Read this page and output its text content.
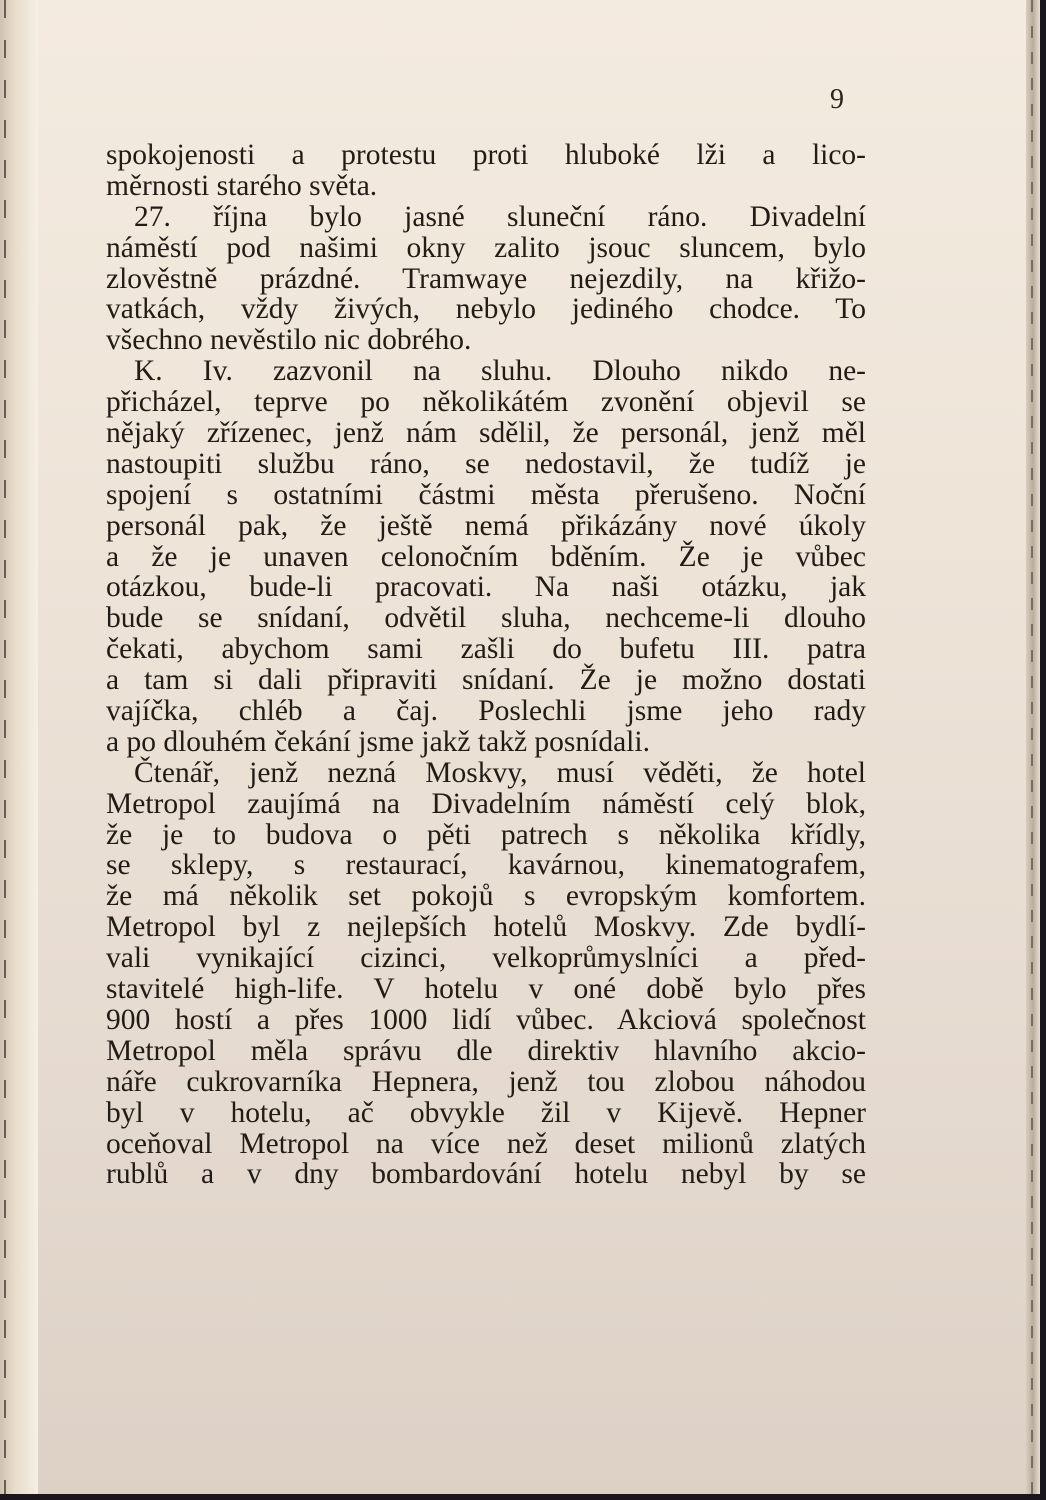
9
spokojenosti a protestu proti hluboké lži a lico-
měrnosti starého světa.
27. října bylo jasné sluneční ráno. Divadelní
náměstí pod našimi okny zalito jsouc sluncem, bylo
zlověstně prázdné. Tramwaye nejezdily, na křižo-
vatkách, vždy živých, nebylo jediného chodce. To
všechno nevěstilo nic dobrého.
K. Iv. zazvonil na sluhu. Dlouho nikdo ne-
přicházel, teprve po několikátém zvonění objevil se
nějaký zřízenec, jenž nám sdělil, že personál, jenž měl
nastoupiti službu ráno, se nedostavil, že tudíž je
spojení s ostatními částmi města přerušeno. Noční
personál pak, že ještě nemá přikázány nové úkoly
a že je unaven celonočním bděním. Že je vůbec
otázkou, bude-li pracovati. Na naši otázku, jak
bude se snídaní, odvětil sluha, nechceme-li dlouho
čekati, abychom sami zašli do bufetu III. patra
a tam si dali připraviti snídaní. Že je možno dostati
vajíčka, chléb a čaj. Poslechli jsme jeho rady
a po dlouhém čekání jsme jakž takž posnídali.
Čtenář, jenž nezná Moskvy, musí věděti, že hotel
Metropol zaujímá na Divadelním náměstí celý blok,
že je to budova o pěti patrech s několika křídly,
se sklepy, s restaurací, kavárnou, kinematografem,
že má několik set pokojů s evropským komfortem.
Metropol byl z nejlepších hotelů Moskvy. Zde bydlí-
vali vynikající cizinci, velkoprůmyslníci a před-
stavitelé high-life. V hotelu v oné době bylo přes
900 hostí a přes 1000 lidí vůbec. Akciová společnost
Metropol měla správu dle direktiv hlavního akcio-
náře cukrovarníka Hepnera, jenž tou zlobou náhodou
byl v hotelu, ač obvykle žil v Kijevě. Hepner
oceňoval Metropol na více než deset milionů zlatých
rublů a v dny bombardování hotelu nebyl by se
